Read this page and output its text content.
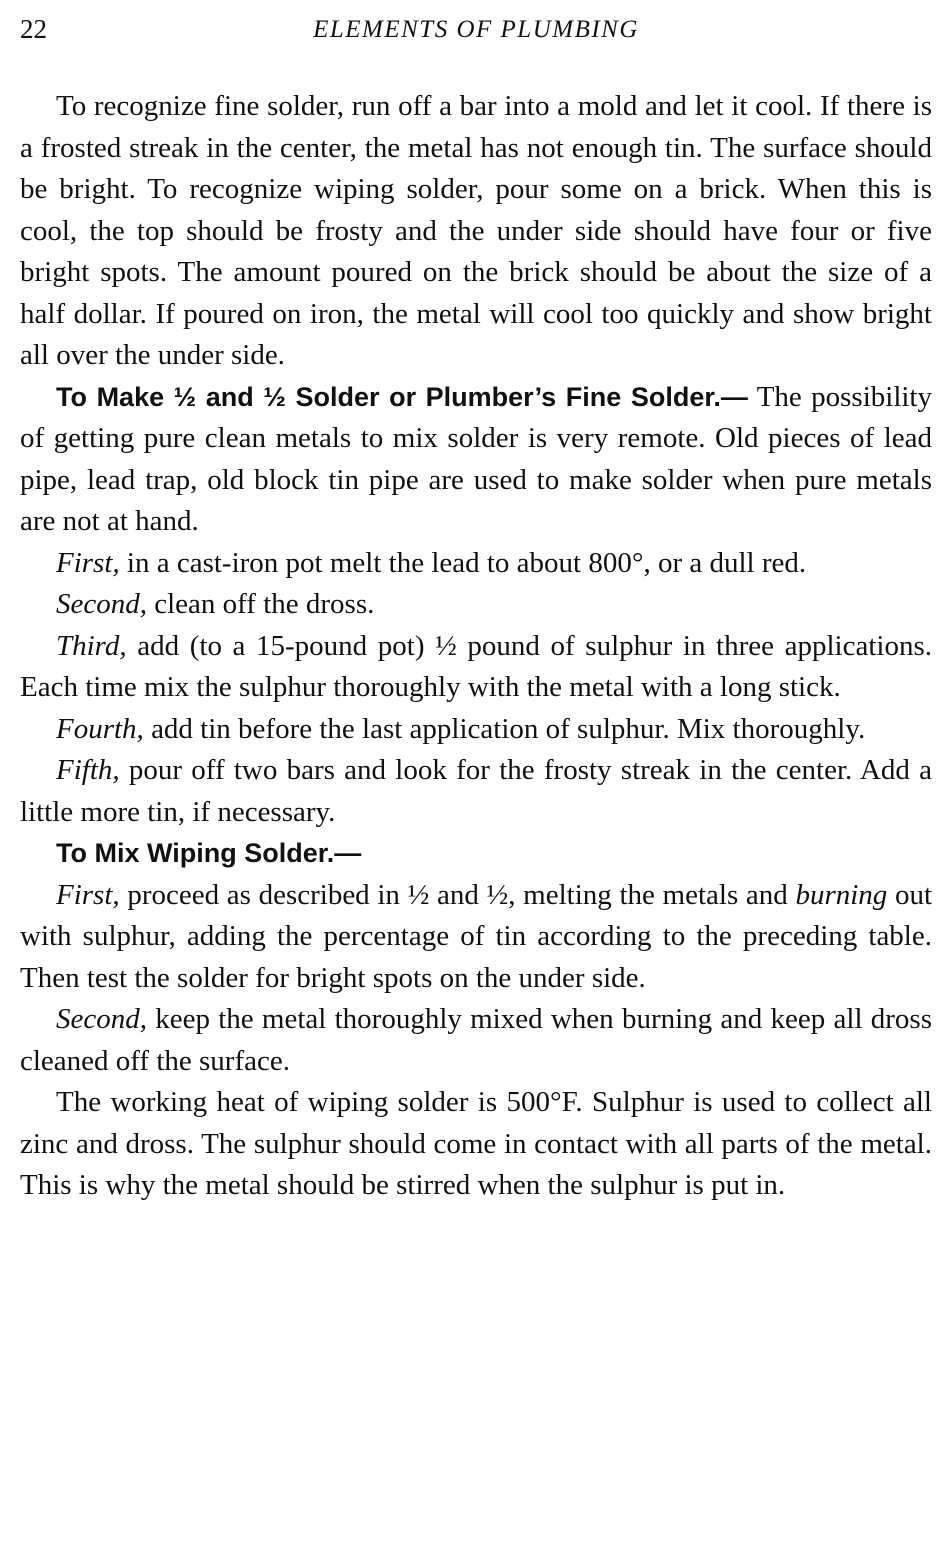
22	ELEMENTS OF PLUMBING

To recognize fine solder, run off a bar into a mold and let it cool. If there is a frosted streak in the center, the metal has not enough tin. The surface should be bright. To recognize wiping solder, pour some on a brick. When this is cool, the top should be frosty and the under side should have four or five bright spots. The amount poured on the brick should be about the size of a half dollar. If poured on iron, the metal will cool too quickly and show bright all over the under side.

To Make ½ and ½ Solder or Plumber’s Fine Solder.— The possibility of getting pure clean metals to mix solder is very remote. Old pieces of lead pipe, lead trap, old block tin pipe are used to make solder when pure metals are not at hand.

First, in a cast-iron pot melt the lead to about 800°, or a dull red.

Second, clean off the dross.

Third, add (to a 15-pound pot) ½ pound of sulphur in three applications. Each time mix the sulphur thoroughly with the metal with a long stick.

Fourth, add tin before the last application of sulphur. Mix thoroughly.

Fifth, pour off two bars and look for the frosty streak in the center. Add a little more tin, if necessary.

To Mix Wiping Solder.—

First, proceed as described in ½ and ½, melting the metals and burning out with sulphur, adding the percentage of tin according to the preceding table. Then test the solder for bright spots on the under side.

Second, keep the metal thoroughly mixed when burning and keep all dross cleaned off the surface.

The working heat of wiping solder is 500°F. Sulphur is used to collect all zinc and dross. The sulphur should come in contact with all parts of the metal. This is why the metal should be stirred when the sulphur is put in.
